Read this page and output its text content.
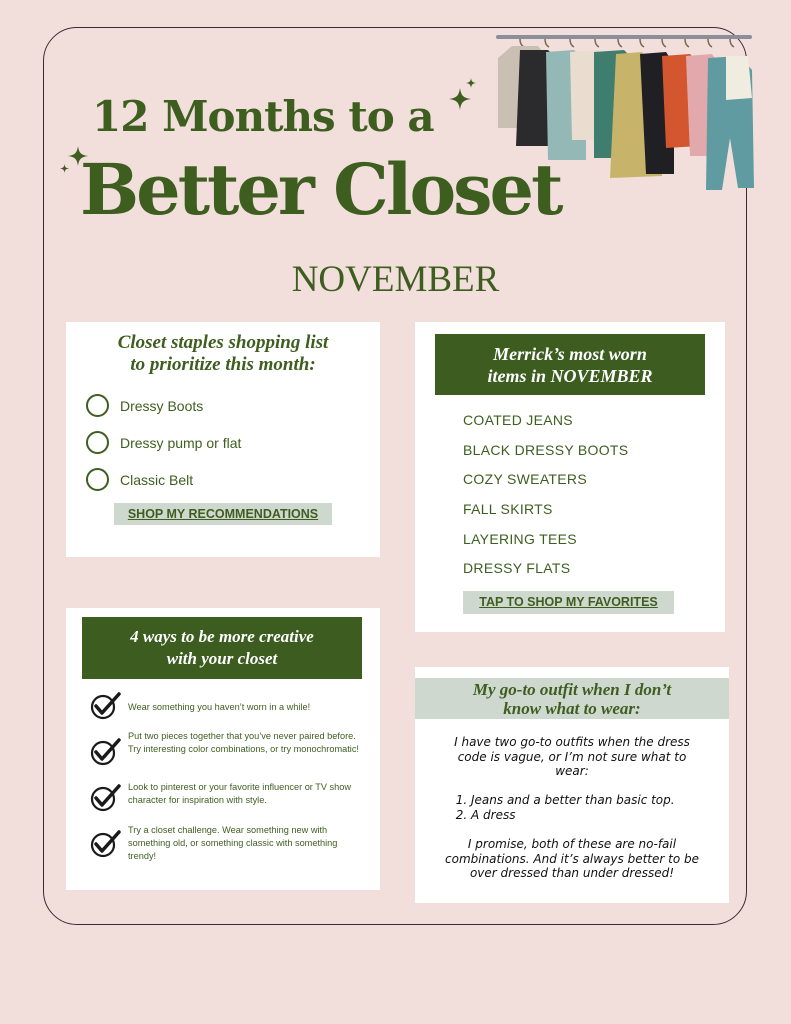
12 Months to a
Better Closet
NOVEMBER
Closet staples shopping list
to prioritize this month:
Dressy Boots
Dressy pump or flat
Classic Belt
SHOP MY RECOMMENDATIONS
Merrick’s most worn
items in NOVEMBER
COATED JEANS
BLACK DRESSY BOOTS
COZY SWEATERS
FALL SKIRTS
LAYERING TEES
DRESSY FLATS
TAP TO SHOP MY FAVORITES
4 ways to be more creative
with your closet
Wear something you haven’t worn in a while!
Put two pieces together that you’ve never paired before. Try interesting color combinations, or try monochromatic!
Look to pinterest or your favorite influencer or TV show character for inspiration with style.
Try a closet challenge. Wear something new with something old, or something classic with something trendy!
My go-to outfit when I don’t
know what to wear:

I have two go-to outfits when the dress code is vague, or I’m not sure what to wear:

1. Jeans and a better than basic top.
2. A dress

I promise, both of these are no-fail combinations. And it’s always better to be over dressed than under dressed!
